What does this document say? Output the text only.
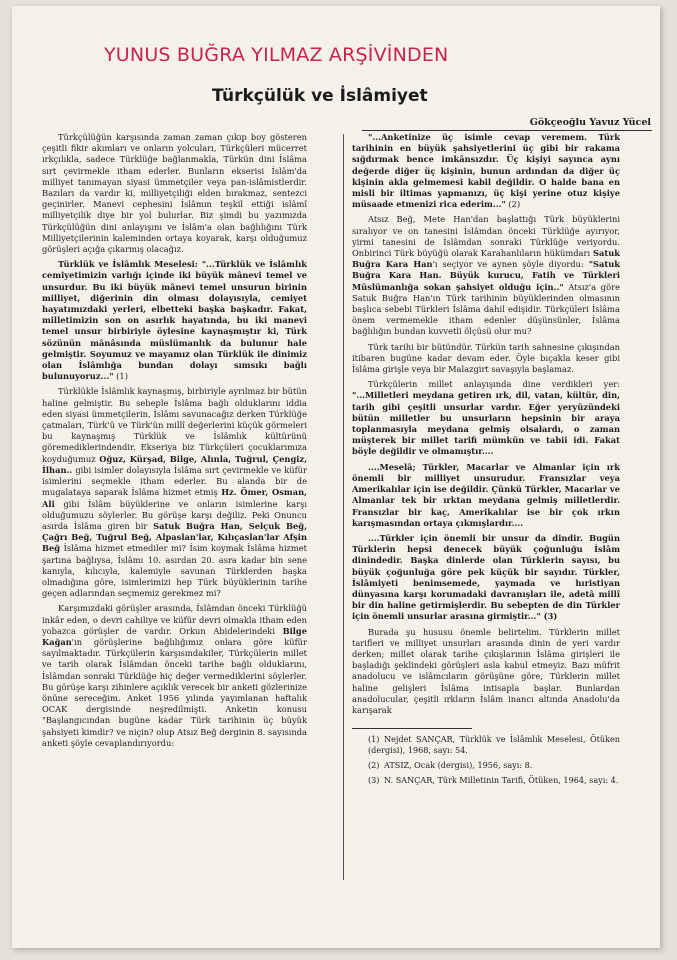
YUNUS BUĞRA YILMAZ ARŞİVİNDEN
Türkçülük ve İslâmiyet
Gökçeoğlu Yavuz Yücel

Türkçülüğün karşısında zaman zaman çıkıp boy gösteren çeşitli fikir akımları ve onların yolcuları, Türkçüleri mücerret ırkçılıkla, sadece Türklüğe bağlanmakla, Türkün dini İslâma sırt çevirmekle itham ederler. Bunların ekserisi İslâm'da milliyet tanımayan siyasi ümmetçiler veya pan-islâmistlerdir. Bazıları da vardır ki, milliyetçiliği elden bırakmaz, sentezci geçinirler. Manevi cephesini İslâmın teşkil ettiği islâmî milliyetçilik diye bir yol bulurlar. Biz şimdi bu yazımızda Türkçülüğün dini anlayışını ve İslâm'a olan bağlılığını Türk Milliyetçilerinin kaleminden ortaya koyarak, karşı olduğumuz görüşleri açığa çıkarmış olacağız.

Türklük ve İslâmlık Meselesi: "...Türklük ve İslâmlık cemiyetimizin varlığı içinde iki büyük mânevi temel ve unsurdur. Bu iki büyük mânevi temel unsurun birinin milliyet, diğerinin din olması dolayısıyla, cemiyet hayatımızdaki yerleri, elbetteki başka başkadır. Fakat, milletimizin son on asırlık hayatında, bu iki manevi temel unsur birbiriyle öylesine kaynaşmıştır ki, Türk sözünün mânâsında müslümanlık da bulunur hale gelmiştir. Soyumuz ve mayamız olan Türklük ile dinimiz olan İslâmlığa bundan dolayı sımsıkı bağlı bulunuyoruz..." (1)

Türklükle İslâmlık kaynaşmış, birbiriyle ayrılmaz bir bütün haline gelmiştir. Bu sebeple İslâma bağlı olduklarını iddia eden siyasi ümmetçilerin, İslâmı savunacağız derken Türklüğe çatmaları, Türk'ü ve Türk'ün millî değerlerini küçük görmeleri bu kaynaşmış Türklük ve İslâmlık kültürünü göremediklerindendir. Ekseriya biz Türkçüleri çocuklarımıza koyduğumuz Oğuz, Kürşad, Bilge, Alınla, Tuğrul, Çengiz, İlhan.. gibi isimler dolayısıyla İslâma sırt çevirmekle ve küfür isimlerini seçmekle itham ederler. Bu alanda bir de mugalataya saparak İslâma hizmet etmiş Hz. Ömer, Osman, Ali gibi İslâm büyüklerine ve onların isimlerine karşı olduğumuzu söylerler. Bu görüşe karşı değiliz. Peki Onuncu asırda İslâma giren bir Satuk Buğra Han, Selçuk Beğ, Çağrı Beğ, Tuğrul Beğ, Alpaslan'lar, Kılıçaslan'lar Afşin Beğ İslâma hizmet etmediler mi? İsim koymak İslâma hizmet şartına bağlıysa, İslâmı 10. asırdan 20. asra kadar bin sene kanıyla, kılıcıyla, kalemiyle savunan Türklerden başka olmadığına göre, isimlerimizi hep Türk büyüklerinin tarihe geçen adlarından seçmemiz gerekmez mi?

Karşımızdaki görüşler arasında, İslâmdan önceki Türklüğü inkâr eden, o devri cahiliye ve küfür devri olmakla itham eden yobazca görüşler de vardır. Orkun Abidelerindeki Bilge Kağan'ın görüşlerine bağlılığımız onlara göre küfür sayılmaktadır. Türkçülerin karşısındakiler, Türkçülerin millet ve tarih olarak İslâmdan önceki tarihe bağlı olduklarını, İslâmdan sonraki Türklüğe hiç değer vermediklerini söylerler. Bu görüşe karşı zihinlere açıklık verecek bir anketi gözlerinize önüne sereceğim. Anket 1956 yılında yayımlanan haftalık OCAK dergisinde neşredilmişti. Anketin konusu "Başlangıcından bugüne kadar Türk tarihinin üç büyük şahsiyeti kimdir? ve niçin? olup Atsız Beğ derginin 8. sayısında anketi şöyle cevaplandırıyordu:

"...Anketinize üç isimle cevap veremem. Türk tarihinin en büyük şahsiyetlerini üç gibi bir rakama sığdırmak bence imkânsızdır. Üç kişiyi sayınca aynı değerde diğer üç kişinin, bunun ardından da diğer üç kişinin akla gelmemesi kabil değildir. O halde bana en misli bir iltimas yapmanızı, üç kişi yerine otuz kişiye müsaade etmenizi rica ederim..." (2)

Atsız Beğ, Mete Han'dan başlattığı Türk büyüklerini sıralıyor ve on tanesini İslâmdan önceki Türklüğe ayırıyor, yirmi tanesini de İslâmdan sonraki Türklüğe veriyordu. Onbirinci Türk büyüğü olarak Karahanlıların hükümdarı Satuk Buğra Kara Han'ı seçiyor ve aynen şöyle diyordu: "Satuk Buğra Kara Han. Büyük kurucu, Fatih ve Türkleri Müslümanlığa sokan şahsiyet olduğu için.." Atsız'a göre Satuk Buğra Han'ın Türk tarihinin büyüklerinden olmasının başlıca sebebi Türkleri İslâma dahil edişidir. Türkçüleri İslâma önem vermemekle itham edenler düşünsünler, İslâma bağlılığın bundan kuvvetli ölçüsü olur mu?

Türk tarihi bir bütündür. Türkün tarih sahnesine çıkışından itibaren bugüne kadar devam eder. Öyle bıçakla keser gibi İslâma girişle veya bir Malazgirt savaşıyla başlamaz.

Türkçülerin millet anlayışında dine verdikleri yer: "...Milletleri meydana getiren ırk, dil, vatan, kültür, din, tarih gibi çeşitli unsurlar vardır. Eğer yeryüzündeki bütün milletler bu unsurların hepsinin bir araya toplanmasıyla meydana gelmiş olsalardı, o zaman müşterek bir millet tarifi mümkün ve tabii idi. Fakat böyle değildir ve olmamıştır....

....Meselâ; Türkler, Macarlar ve Almanlar için ırk önemli bir milliyet unsurudur. Fransızlar veya Amerikalılar için ise değildir. Çünkü Türkler, Macarlar ve Almanlar tek bir ırktan meydana gelmiş milletlerdir. Fransızlar bir kaç, Amerikalılar ise bir çok ırkın karışmasından ortaya çıkmışlardır....

....Türkler için önemli bir unsur da dindir. Bugün Türklerin hepsi denecek büyük çoğunluğu İslâm dinindedir. Başka dinlerde olan Türklerin sayısı, bu büyük çoğunluğa göre pek küçük bir sayıdır. Türkler, İslâmiyeti benimsemede, yaymada ve hıristiyan dünyasına karşı korumadaki davranışları ile, adetâ millî bir din haline getirmişlerdir. Bu sebepten de din Türkler için önemli unsurlar arasına girmiştir..." (3)

Burada şu hususu önemle belirtelim. Türklerin millet tarifleri ve milliyet unsurları arasında dinin de yeri vardır derken; millet olarak tarihe çıkışlarının İslâma girişleri ile başladığı şeklindeki görüşleri asla kabul etmeyiz. Bazı müfrit anadolucu ve islâmcıların görüşüne göre, Türklerin millet haline gelişleri İslâma intisapla başlar. Bunlardan anadolucular, çeşitli ırkların İslâm inancı altında Anadolu'da karışarak

(1) Nejdet SANÇAR, Türklük ve İslâmlık Meselesi, Ötüken (dergisi), 1968, sayı: 54.

(2) ATSIZ, Ocak (dergisi), 1956, sayı: 8.

(3) N. SANÇAR, Türk Milletinin Tarifi, Ötüken, 1964, sayı: 4.
